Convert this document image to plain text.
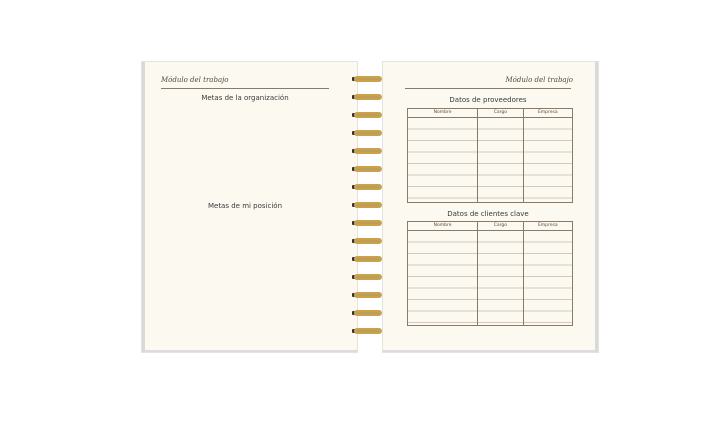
Módulo del trabajo
Metas de la organización
Metas de mi posición
Módulo del trabajo
Datos de proveedores
Nombre	Cargo	Empresa
Datos de clientes clave
Nombre	Cargo	Empresa
